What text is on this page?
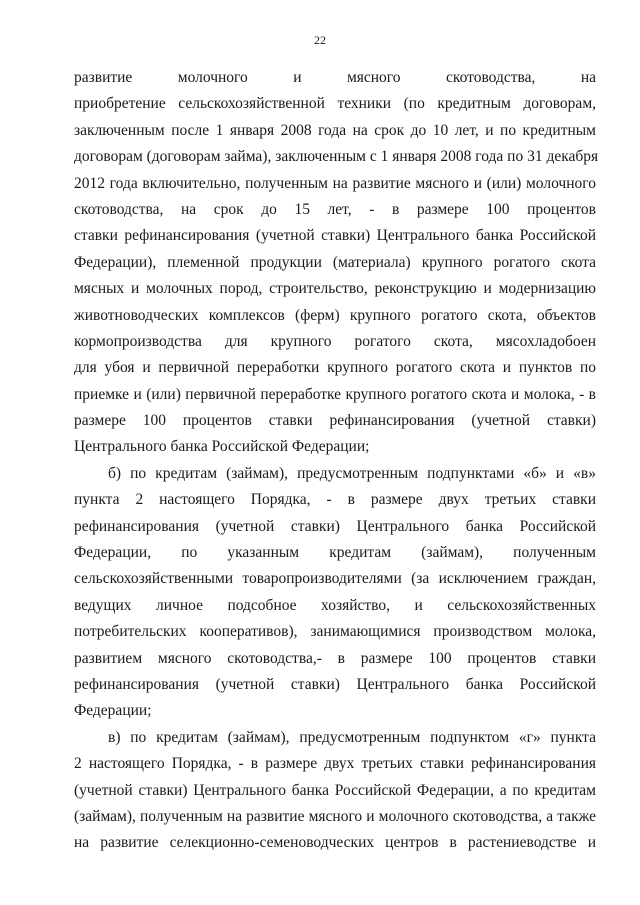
22
развитие молочного и мясного скотоводства, на
приобретение сельскохозяйственной техники (по кредитным договорам,
заключенным после 1 января 2008 года на срок до 10 лет, и по кредитным
договорам (договорам займа), заключенным с 1 января 2008 года по 31 декабря
2012 года включительно, полученным на развитие мясного и (или) молочного
скотоводства, на срок до 15 лет, - в размере 100 процентов
ставки рефинансирования (учетной ставки) Центрального банка Российской
Федерации), племенной продукции (материала) крупного рогатого скота
мясных и молочных пород, строительство, реконструкцию и модернизацию
животноводческих комплексов (ферм) крупного рогатого скота, объектов
кормопроизводства для крупного рогатого скота, мясохладобоен
для убоя и первичной переработки крупного рогатого скота и пунктов по
приемке и (или) первичной переработке крупного рогатого скота и молока, - в
размере 100 процентов ставки рефинансирования (учетной ставки)
Центрального банка Российской Федерации;
б) по кредитам (займам), предусмотренным подпунктами «б» и «в»
пункта 2 настоящего Порядка, - в размере двух третьих ставки
рефинансирования (учетной ставки) Центрального банка Российской
Федерации, по указанным кредитам (займам), полученным
сельскохозяйственными товаропроизводителями (за исключением граждан,
ведущих личное подсобное хозяйство, и сельскохозяйственных
потребительских кооперативов), занимающимися производством молока,
развитием мясного скотоводства,- в размере 100 процентов ставки
рефинансирования (учетной ставки) Центрального банка Российской
Федерации;
в) по кредитам (займам), предусмотренным подпунктом «г» пункта
2 настоящего Порядка, - в размере двух третьих ставки рефинансирования
(учетной ставки) Центрального банка Российской Федерации, а по кредитам
(займам), полученным на развитие мясного и молочного скотоводства, а также
на развитие селекционно-семеноводческих центров в растениеводстве и
